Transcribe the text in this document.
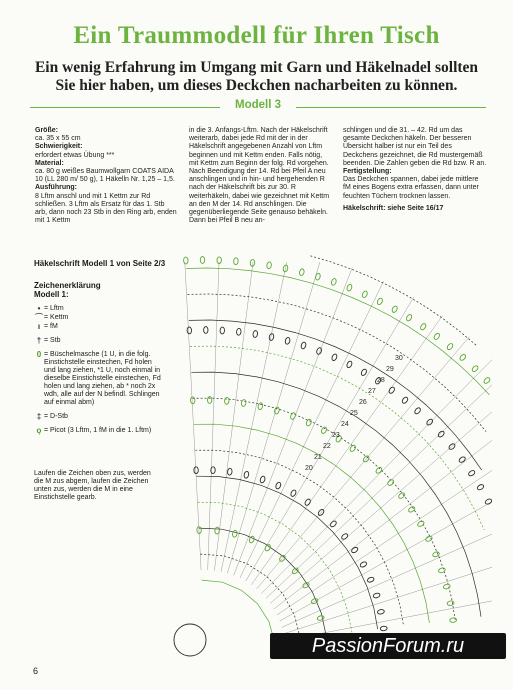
Ein Traummodell für Ihren Tisch
Ein wenig Erfahrung im Umgang mit Garn und Häkelnadel sollten
Sie hier haben, um dieses Deckchen nacharbeiten zu können.
Modell 3

Größe:

ca. 35 x 55 cm

Schwierigkeit:

erfordert etwas Übung ***

Material:

ca. 80 g weißes Baumwollgarn COATS AIDA 10 (LL 280 m/ 50 g), 1 Häkelln Nr. 1,25 – 1,5.

Ausführung:

8 Lftm anschl und mit 1 Kettm zur Rd schließen. 3 Lftm als Ersatz für das 1. Stb arb, dann noch 23 Stb in den Ring arb, enden mit 1 Kettm

in die 3. Anfangs-Lftm. Nach der Häkelschrift weiterarb, dabei jede Rd mit der in der Häkelschrift angegebenen Anzahl von Lftm beginnen und mit Kettm enden. Falls nötig, mit Kettm zum Beginn der folg. Rd vorgehen. Nach Beendigung der 14. Rd bei Pfeil A neu anschlingen und in hin- und hergehenden R nach der Häkelschrift bis zur 30. R weiterhäkeln, dabei wie gezeichnet mit Kettm an den M der 14. Rd anschlingen. Die gegenüberliegende Seite genauso behäkeln. Dann bei Pfeil B neu an-

schlingen und die 31. – 42. Rd um das gesamte Deckchen häkeln. Der besseren Übersicht halber ist nur ein Teil des Deckchens gezeichnet, die Rd mustergemäß beenden. Die Zahlen geben die Rd bzw. R an.

Fertigstellung:

Das Deckchen spannen, dabei jede mittlere fM eines Bogens extra erfassen, dann unter feuchten Tüchern trocknen lassen.

Häkelschrift: siehe Seite 16/17

Häkelschrift Modell 1 von Seite 2/3
Zeichenerklärung
Modell 1:
• = Lftm
⌒ = Kettm
ı = fM
† = Stb
0 = Büschelmasche (1 U, in die folg. Einstichstelle einstechen, Fd holen und lang ziehen, *1 U, noch einmal in dieselbe Einstichstelle einstechen, Fd holen und lang ziehen, ab * noch 2x wdh, alle auf der N befindl. Schlingen auf einmal abm)
‡ = D-Stb
ǫ = Picot (3 Lftm, 1 fM in die 1. Lftm)
Laufen die Zeichen oben zus, werden die M zus abgem, laufen die Zeichen unten zus, werden die M in eine Einstichstelle gearb.
30
29
28
27
26
25
24
23
22
21
20
6
PassionForum.ru
